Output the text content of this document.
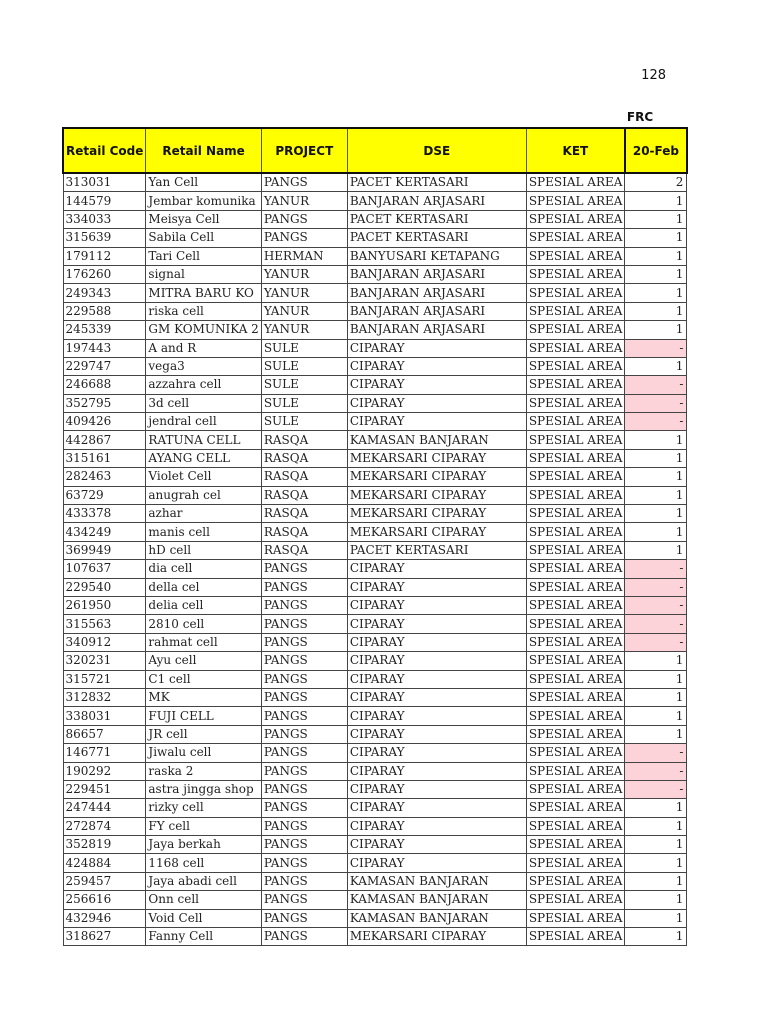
128
FRC
Retail Code	Retail Name	PROJECT	DSE	KET	20-Feb
313031	Yan Cell	PANGS	PACET KERTASARI	SPESIAL AREA	2
144579	Jembar komunika	YANUR	BANJARAN ARJASARI	SPESIAL AREA	1
334033	Meisya Cell	PANGS	PACET KERTASARI	SPESIAL AREA	1
315639	Sabila Cell	PANGS	PACET KERTASARI	SPESIAL AREA	1
179112	Tari Cell	HERMAN	BANYUSARI KETAPANG	SPESIAL AREA	1
176260	signal	YANUR	BANJARAN ARJASARI	SPESIAL AREA	1
249343	MITRA BARU KO	YANUR	BANJARAN ARJASARI	SPESIAL AREA	1
229588	riska cell	YANUR	BANJARAN ARJASARI	SPESIAL AREA	1
245339	GM KOMUNIKA 2	YANUR	BANJARAN ARJASARI	SPESIAL AREA	1
197443	A and R	SULE	CIPARAY	SPESIAL AREA	-
229747	vega3	SULE	CIPARAY	SPESIAL AREA	1
246688	azzahra cell	SULE	CIPARAY	SPESIAL AREA	-
352795	3d cell	SULE	CIPARAY	SPESIAL AREA	-
409426	jendral cell	SULE	CIPARAY	SPESIAL AREA	-
442867	RATUNA CELL	RASQA	KAMASAN BANJARAN	SPESIAL AREA	1
315161	AYANG CELL	RASQA	MEKARSARI CIPARAY	SPESIAL AREA	1
282463	Violet Cell	RASQA	MEKARSARI CIPARAY	SPESIAL AREA	1
63729	anugrah cel	RASQA	MEKARSARI CIPARAY	SPESIAL AREA	1
433378	azhar	RASQA	MEKARSARI CIPARAY	SPESIAL AREA	1
434249	manis cell	RASQA	MEKARSARI CIPARAY	SPESIAL AREA	1
369949	hD cell	RASQA	PACET KERTASARI	SPESIAL AREA	1
107637	dia cell	PANGS	CIPARAY	SPESIAL AREA	-
229540	della cel	PANGS	CIPARAY	SPESIAL AREA	-
261950	delia cell	PANGS	CIPARAY	SPESIAL AREA	-
315563	2810 cell	PANGS	CIPARAY	SPESIAL AREA	-
340912	rahmat cell	PANGS	CIPARAY	SPESIAL AREA	-
320231	Ayu cell	PANGS	CIPARAY	SPESIAL AREA	1
315721	C1 cell	PANGS	CIPARAY	SPESIAL AREA	1
312832	MK	PANGS	CIPARAY	SPESIAL AREA	1
338031	FUJI CELL	PANGS	CIPARAY	SPESIAL AREA	1
86657	JR cell	PANGS	CIPARAY	SPESIAL AREA	1
146771	Jiwalu cell	PANGS	CIPARAY	SPESIAL AREA	-
190292	raska 2	PANGS	CIPARAY	SPESIAL AREA	-
229451	astra jingga shop	PANGS	CIPARAY	SPESIAL AREA	-
247444	rizky cell	PANGS	CIPARAY	SPESIAL AREA	1
272874	FY cell	PANGS	CIPARAY	SPESIAL AREA	1
352819	Jaya berkah	PANGS	CIPARAY	SPESIAL AREA	1
424884	1168 cell	PANGS	CIPARAY	SPESIAL AREA	1
259457	Jaya abadi cell	PANGS	KAMASAN BANJARAN	SPESIAL AREA	1
256616	Onn cell	PANGS	KAMASAN BANJARAN	SPESIAL AREA	1
432946	Void Cell	PANGS	KAMASAN BANJARAN	SPESIAL AREA	1
318627	Fanny Cell	PANGS	MEKARSARI CIPARAY	SPESIAL AREA	1
